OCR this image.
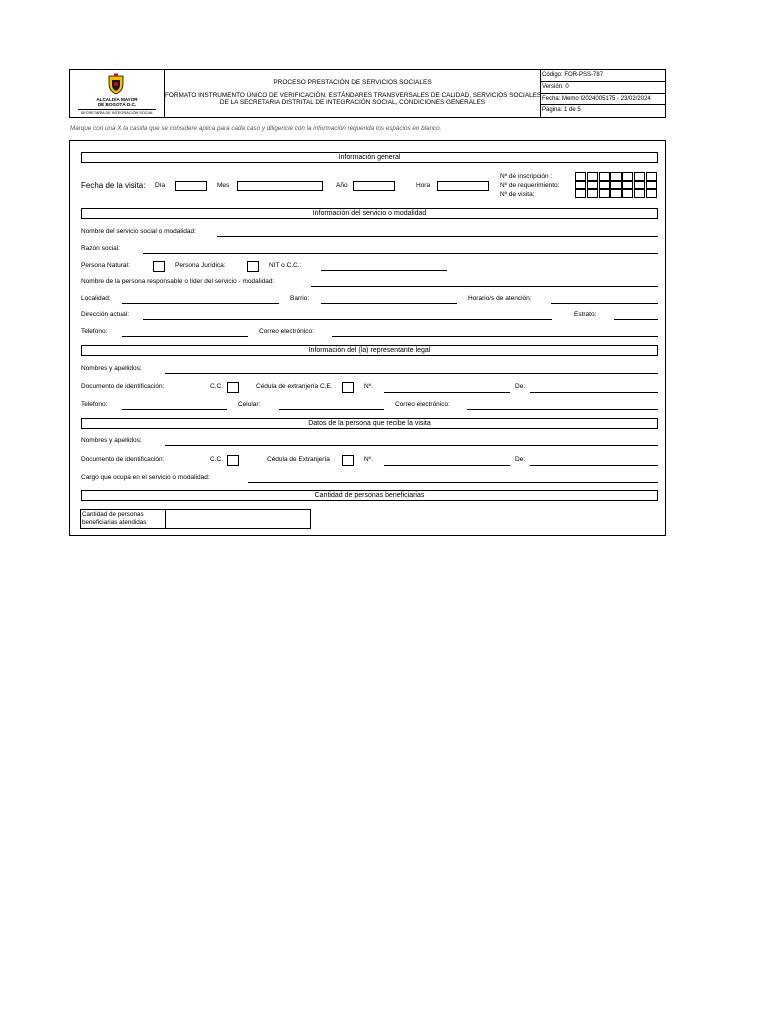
ALCALDÍA MAYOR
DE BOGOTÁ D.C.
SECRETARÍA DE INTEGRACIÓN SOCIAL
PROCESO PRESTACIÓN DE SERVICIOS SOCIALES
FORMATO INSTRUMENTO ÚNICO DE VERIFICACIÓN. ESTÁNDARES TRANSVERSALES DE CALIDAD, SERVICIOS SOCIALES
DE LA SECRETARIA DISTRITAL DE INTEGRACIÓN SOCIAL, CONDICIONES GENERALES
Código: FOR-PSS-787
Versión: 0
Fecha: Memo I2024005175 - 23/02/2024
Página: 1 de 5
Marque con una X la casilla que se considere aplica para cada caso y diligencie con la información requerida los espacios en blanco.
Información general
Fecha de la visita: Día	Mes	Año	Hora
Nº de inscripción :
Nº de requerimiento:
Nº de visita:
Información del servicio o modalidad
Nombre del servicio social o modalidad:
Razón social:
Persona Natural:	Persona Jurídica:	NIT o C.C.:
Nombre de la persona responsable o líder del servicio - modalidad:
Localidad:	Barrio:	Horario/s de atención:
Dirección actual:	Estrato:
Telefono:	Correo electrónico:
Información del (la) representante legal
Nombres y apellidos:
Documento de identificación:	C.C.	Cédula de extranjería C.E.	Nº.	De:
Telefono:	Celular:	Correo electrónico:
Datos de la persona que recibe la visita
Nombres y apellidos:
Documento de identificación:	C.C.	Cédula de Extranjería	Nº.	De:
Cargo que ocupa en el servicio o modalidad:
Cantidad de personas beneficiarias
Cantidad de personas
beneficiarias atendidas
